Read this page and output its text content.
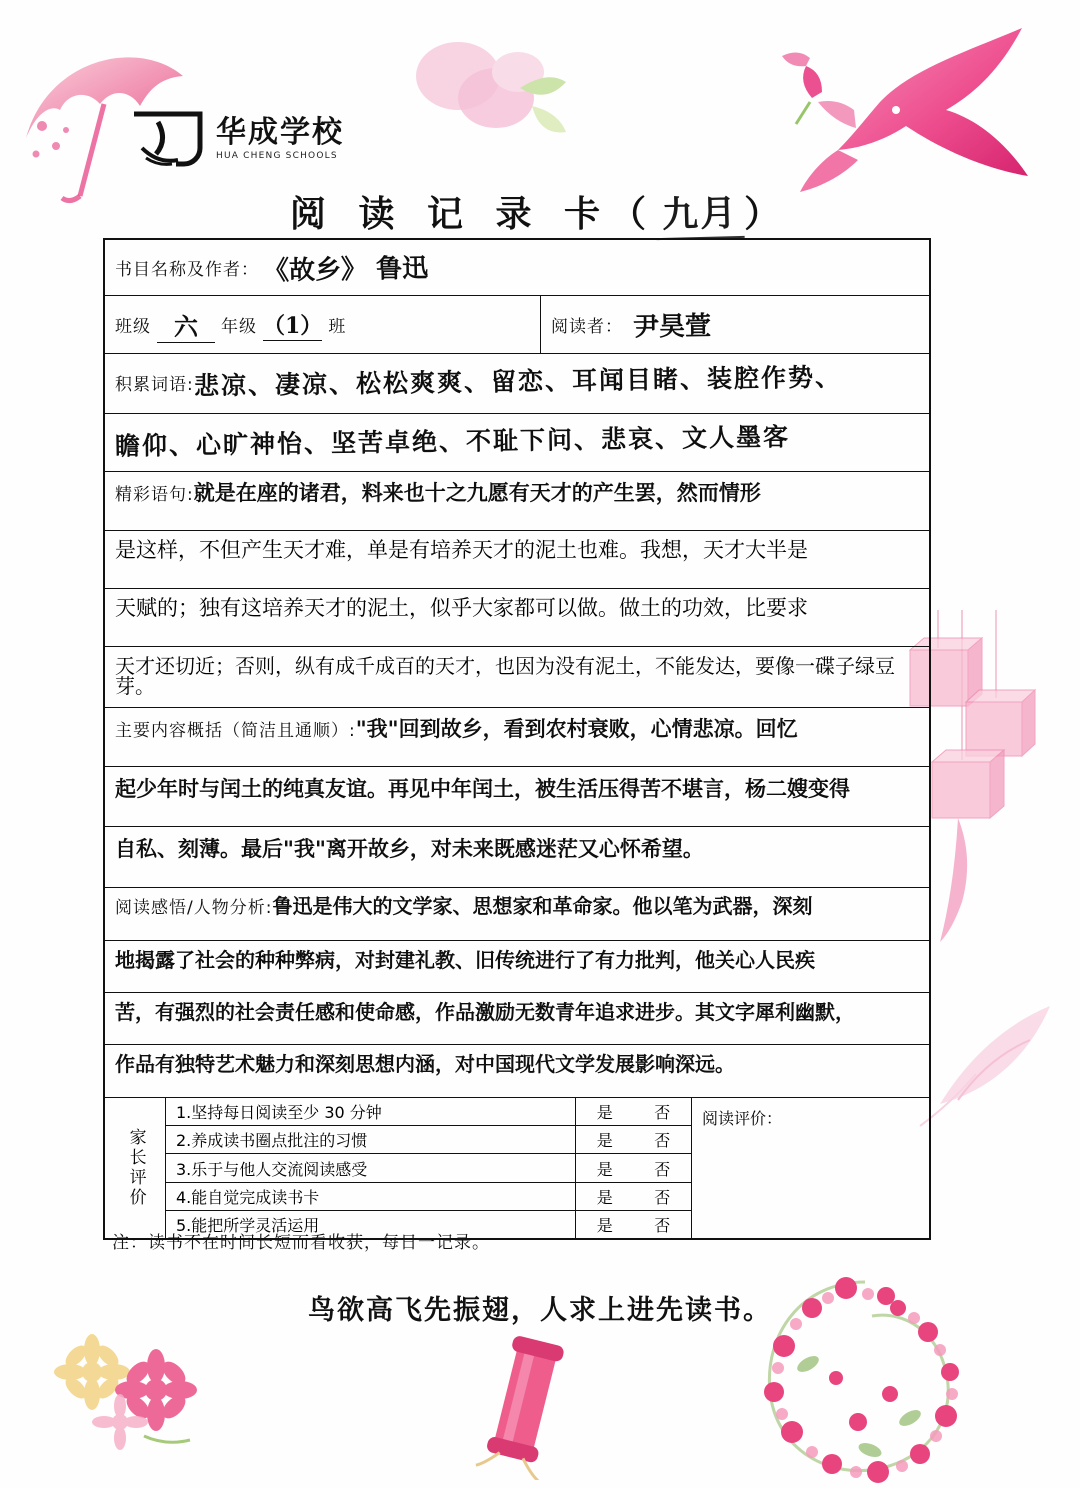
华成学校
HUA CHENG SCHOOLS
阅 读 记 录 卡（ 九月 ）
书目名称及作者： 《故乡》 鲁迅
班级 六	年级 （1） 班	阅读者： 尹昊萱
积累词语:悲凉、凄凉、松松爽爽、留恋、耳闻目睹、装腔作势、
瞻仰、心旷神怡、坚苦卓绝、不耻下问、悲哀、文人墨客
精彩语句:就是在座的诸君，料来也十之九愿有天才的产生罢，然而情形
是这样，不但产生天才难，单是有培养天才的泥土也难。我想，天才大半是
天赋的；独有这培养天才的泥土，似乎大家都可以做。做土的功效，比要求
天才还切近；否则，纵有成千成百的天才，也因为没有泥土，不能发达，要像一碟子绿豆芽。
主要内容概括（简洁且通顺）:"我"回到故乡，看到农村衰败，心情悲凉。回忆
起少年时与闰土的纯真友谊。再见中年闰土，被生活压得苦不堪言，杨二嫂变得
自私、刻薄。最后"我"离开故乡，对未来既感迷茫又心怀希望。
阅读感悟/人物分析:鲁迅是伟大的文学家、思想家和革命家。他以笔为武器，深刻
地揭露了社会的种种弊病，对封建礼教、旧传统进行了有力批判，他关心人民疾
苦，有强烈的社会责任感和使命感，作品激励无数青年追求进步。其文字犀利幽默，
作品有独特艺术魅力和深刻思想内涵，对中国现代文学发展影响深远。
家长评价
1.坚持每日阅读至少 30 分钟	是	否
2.养成读书圈点批注的习惯	是	否
3.乐于与他人交流阅读感受	是	否
4.能自觉完成读书卡	是	否
5.能把所学灵活运用	是	否
阅读评价：
注：读书不在时间长短而看收获，每日一记录。
鸟欲高飞先振翅，人求上进先读书。
